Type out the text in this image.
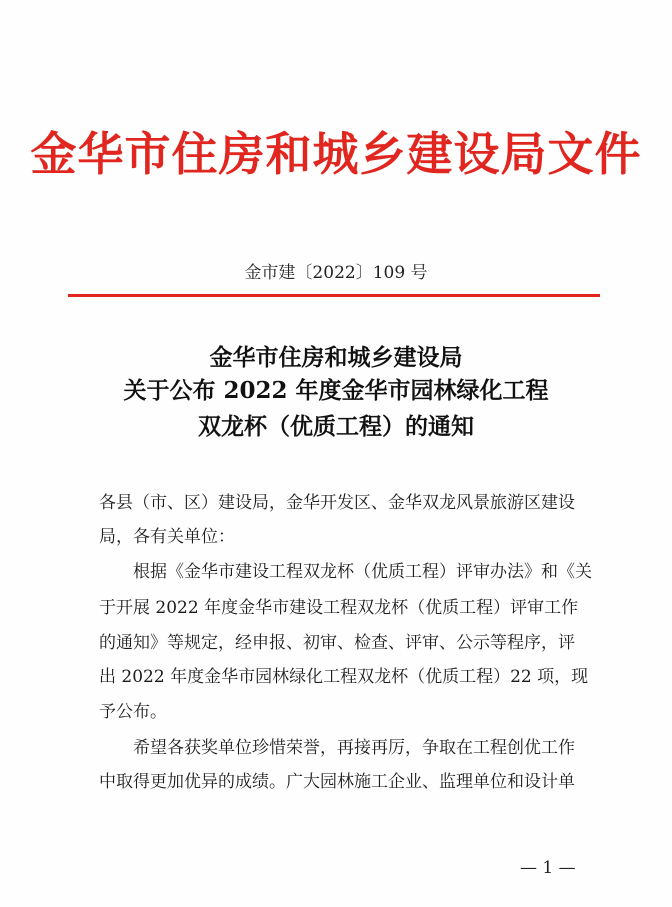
金华市住房和城乡建设局文件
金市建〔2022〕109 号
金华市住房和城乡建设局
关于公布 2022 年度金华市园林绿化工程
双龙杯（优质工程）的通知
各县（市、区）建设局，金华开发区、金华双龙风景旅游区建设
局，各有关单位：
根据《金华市建设工程双龙杯（优质工程）评审办法》和《关
于开展 2022 年度金华市建设工程双龙杯（优质工程）评审工作
的通知》等规定，经申报、初审、检查、评审、公示等程序，评
出 2022 年度金华市园林绿化工程双龙杯（优质工程）22 项，现
予公布。
希望各获奖单位珍惜荣誉，再接再厉，争取在工程创优工作
中取得更加优异的成绩。广大园林施工企业、监理单位和设计单
— 1 —
